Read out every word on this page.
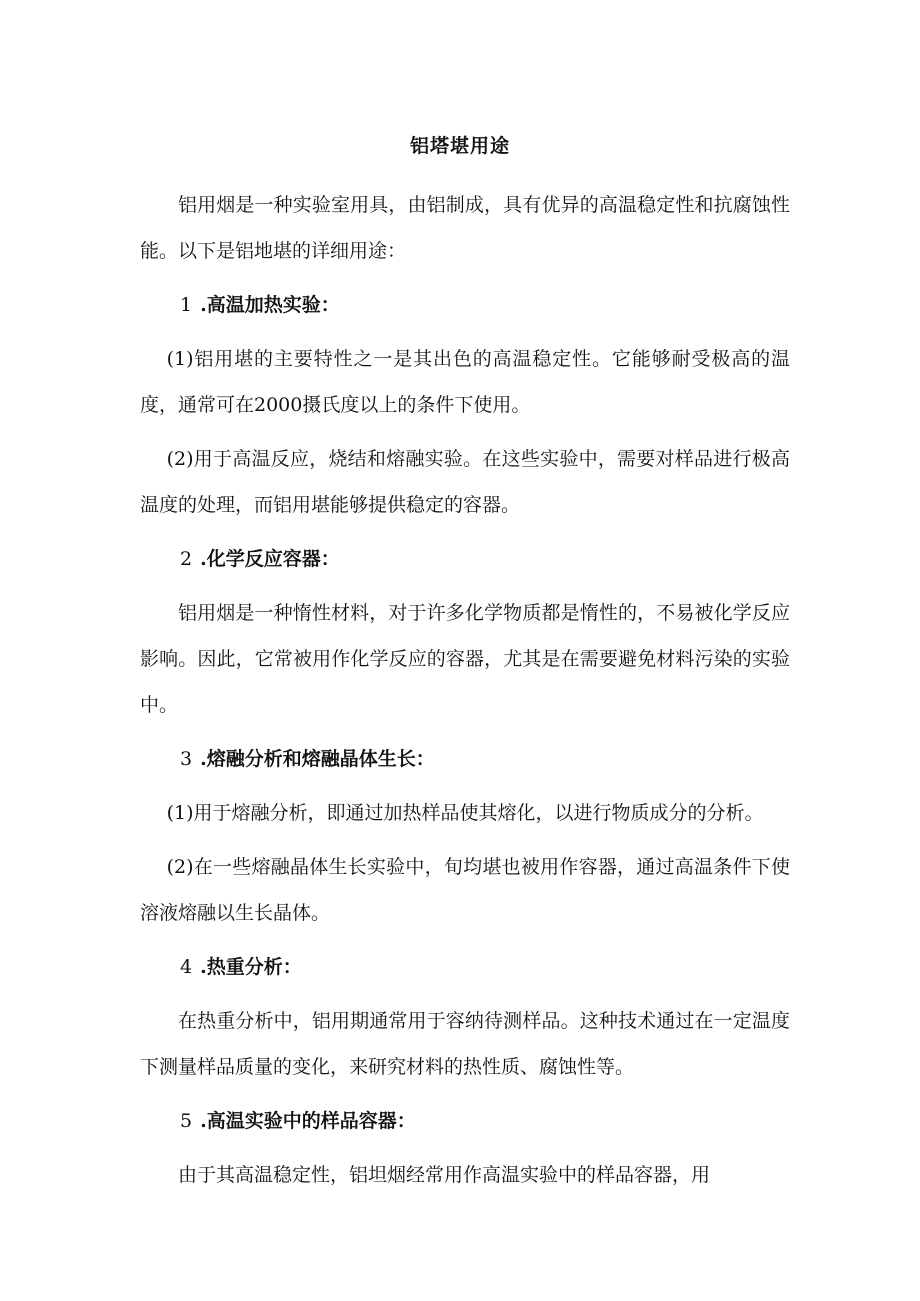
铝塔堪用途

铝用烟是一种实验室用具，由铝制成，具有优异的高温稳定性和抗腐蚀性能。以下是铝地堪的详细用途：

1 .高温加热实验：

(1)铝用堪的主要特性之一是其出色的高温稳定性。它能够耐受极高的温度，通常可在2000摄氏度以上的条件下使用。

(2)用于高温反应，烧结和熔融实验。在这些实验中，需要对样品进行极高温度的处理，而铝用堪能够提供稳定的容器。

2 .化学反应容器：

铝用烟是一种惰性材料，对于许多化学物质都是惰性的，不易被化学反应影响。因此，它常被用作化学反应的容器，尤其是在需要避免材料污染的实验中。

3 .熔融分析和熔融晶体生长：

(1)用于熔融分析，即通过加热样品使其熔化，以进行物质成分的分析。

(2)在一些熔融晶体生长实验中，旬均堪也被用作容器，通过高温条件下使溶液熔融以生长晶体。

4 .热重分析：

在热重分析中，铝用期通常用于容纳待测样品。这种技术通过在一定温度下测量样品质量的变化，来研究材料的热性质、腐蚀性等。

5 .高温实验中的样品容器：

由于其高温稳定性，铝坦烟经常用作高温实验中的样品容器，用
